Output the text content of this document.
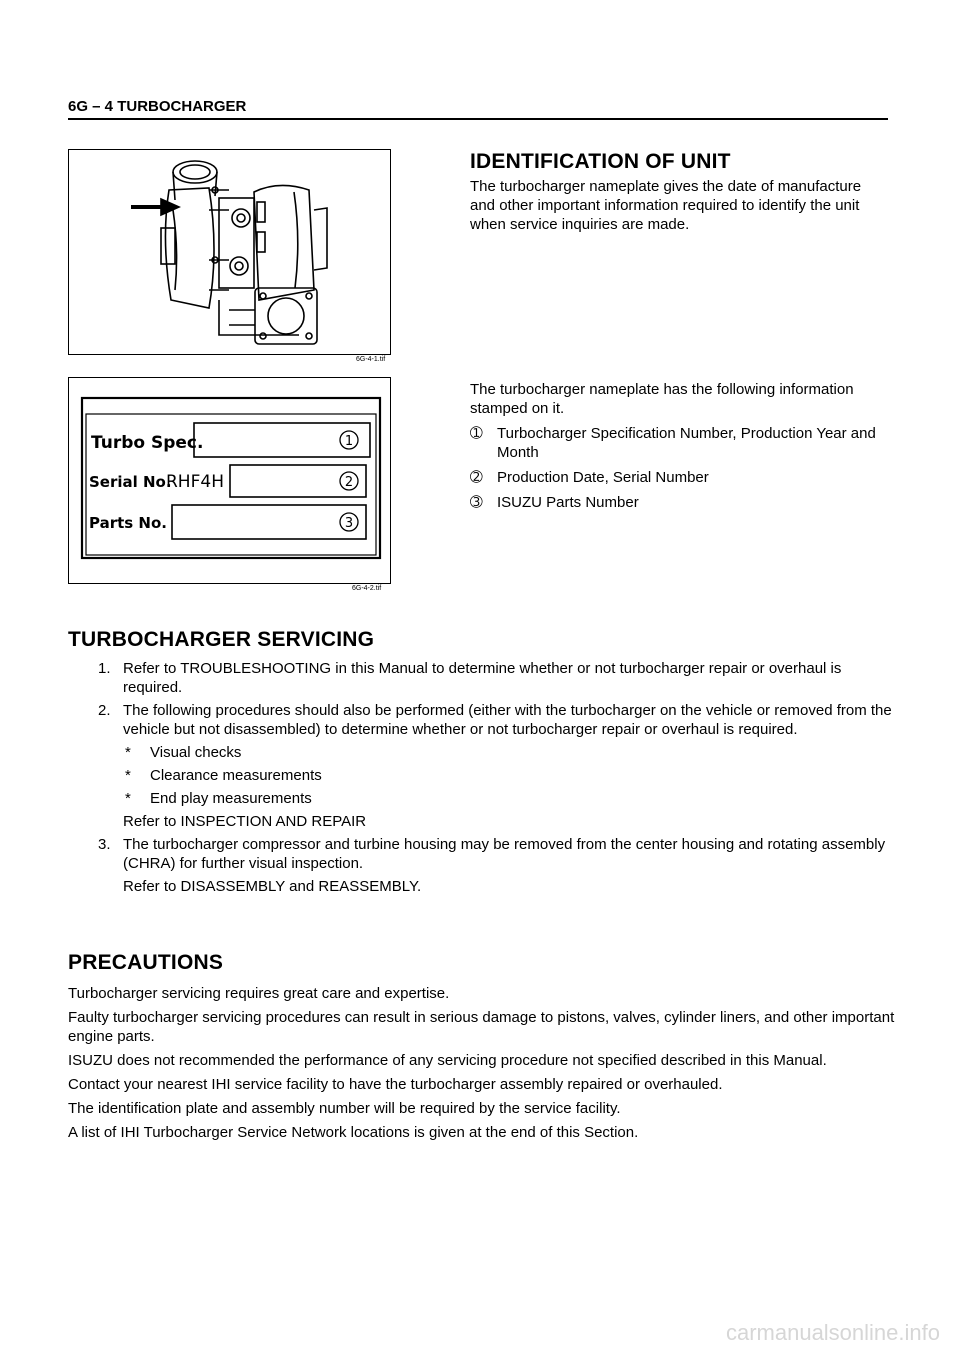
6G – 4 TURBOCHARGER
6G-4-1.tif
Turbo Spec.
Serial No.
Parts No.
RHF4H
1
2
3
6G-4-2.tif
IDENTIFICATION OF UNIT

The turbocharger nameplate gives the date of manufacture and other important information required to identify the unit when service inquiries are made.

The turbocharger nameplate has the following information stamped on it.

➀ Turbocharger Specification Number, Production Year and Month
➁ Production Date, Serial Number
➂ ISUZU Parts Number
TURBOCHARGER SERVICING
1. Refer to TROUBLESHOOTING in this Manual to determine whether or not turbocharger repair or overhaul is required.
2. The following procedures should also be performed (either with the turbocharger on the vehicle or removed from the vehicle but not disassembled) to determine whether or not turbocharger repair or overhaul is required.
* Visual checks
* Clearance measurements
* End play measurements

Refer to INSPECTION AND REPAIR

3. The turbocharger compressor and turbine housing may be removed from the center housing and rotating assembly (CHRA) for further visual inspection.

Refer to DISASSEMBLY and REASSEMBLY.

PRECAUTIONS

Turbocharger servicing requires great care and expertise.

Faulty turbocharger servicing procedures can result in serious damage to pistons, valves, cylinder liners, and other important engine parts.

ISUZU does not recommended the performance of any servicing procedure not specified described in this Manual.

Contact your nearest IHI service facility to have the turbocharger assembly repaired or overhauled.

The identification plate and assembly number will be required by the service facility.

A list of IHI Turbocharger Service Network locations is given at the end of this Section.

carmanualsonline.info
